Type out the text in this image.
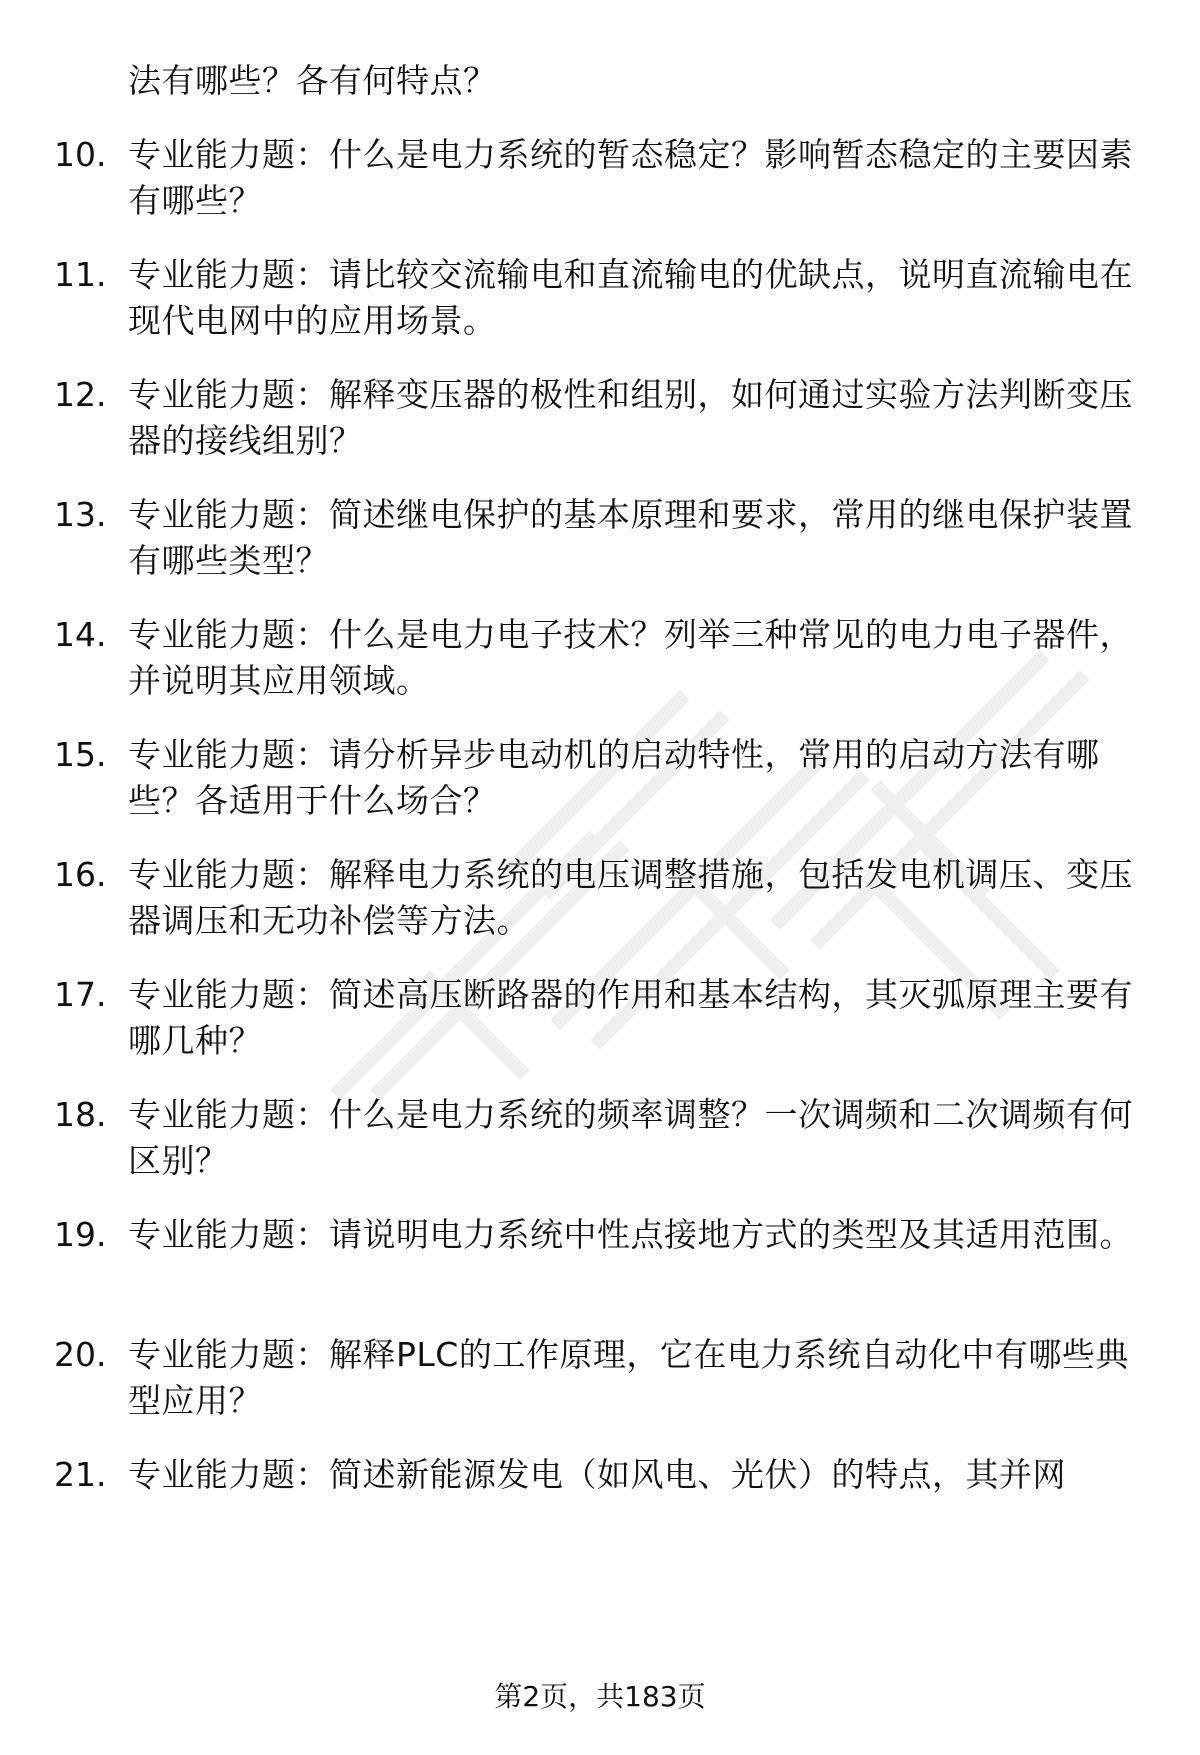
法有哪些？各有何特点？
10. 专业能力题：什么是电力系统的暂态稳定？影响暂态稳定的主要因素有哪些？
11. 专业能力题：请比较交流输电和直流输电的优缺点，说明直流输电在现代电网中的应用场景。
12. 专业能力题：解释变压器的极性和组别，如何通过实验方法判断变压器的接线组别？
13. 专业能力题：简述继电保护的基本原理和要求，常用的继电保护装置有哪些类型？
14. 专业能力题：什么是电力电子技术？列举三种常见的电力电子器件，并说明其应用领域。
15. 专业能力题：请分析异步电动机的启动特性，常用的启动方法有哪些？各适用于什么场合？
16. 专业能力题：解释电力系统的电压调整措施，包括发电机调压、变压器调压和无功补偿等方法。
17. 专业能力题：简述高压断路器的作用和基本结构，其灭弧原理主要有哪几种？
18. 专业能力题：什么是电力系统的频率调整？一次调频和二次调频有何区别？
19. 专业能力题：请说明电力系统中性点接地方式的类型及其适用范围。
20. 专业能力题：解释PLC的工作原理，它在电力系统自动化中有哪些典型应用？
21. 专业能力题：简述新能源发电（如风电、光伏）的特点，其并网
第2页，共183页
